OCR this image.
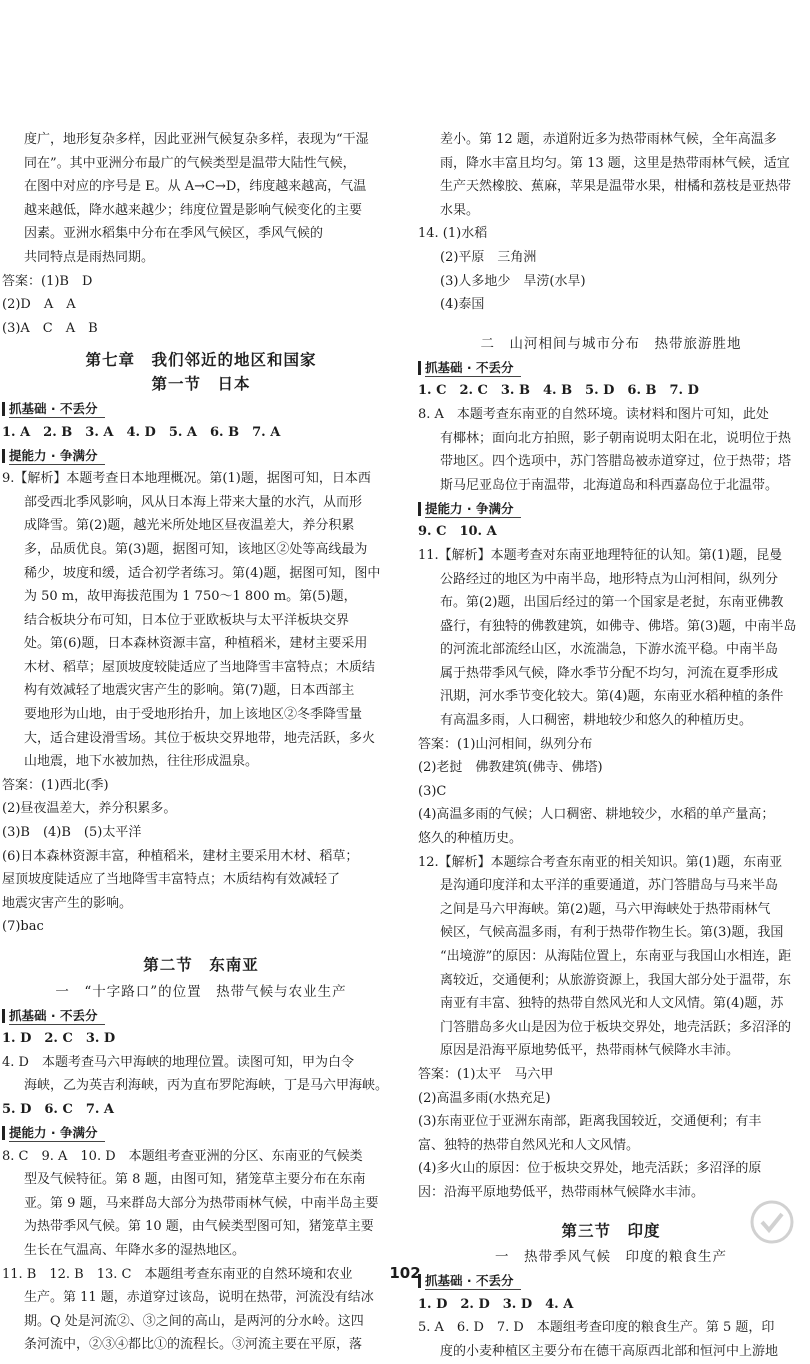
度广，地形复杂多样，因此亚洲气候复杂多样，表现为“干湿

同在”。其中亚洲分布最广的气候类型是温带大陆性气候，

在图中对应的序号是 E。从 A→C→D，纬度越来越高，气温

越来越低，降水越来越少；纬度位置是影响气候变化的主要

因素。亚洲水稻集中分布在季风气候区，季风气候的

共同特点是雨热同期。

答案：(1)B　D

(2)D　A　A

(3)A　C　A　B

第七章　我们邻近的地区和国家
第一节　日本
抓基础 · 不丢分

1. A　2. B　3. A　4. D　5. A　6. B　7. A

提能力 · 争满分

9.【解析】本题考查日本地理概况。第(1)题，据图可知，日本西

部受西北季风影响，风从日本海上带来大量的水汽，从而形

成降雪。第(2)题，越光米所处地区昼夜温差大，养分积累

多，品质优良。第(3)题，据图可知，该地区②处等高线最为

稀少，坡度和缓，适合初学者练习。第(4)题，据图可知，图中

为 50 m，故甲海拔范围为 1 750～1 800 m。第(5)题，

结合板块分布可知，日本位于亚欧板块与太平洋板块交界

处。第(6)题，日本森林资源丰富，种植稻米，建材主要采用

木材、稻草；屋顶坡度较陡适应了当地降雪丰富特点；木质结

构有效减轻了地震灾害产生的影响。第(7)题，日本西部主

要地形为山地，由于受地形抬升，加上该地区②冬季降雪量

大，适合建设滑雪场。其位于板块交界地带，地壳活跃，多火

山地震，地下水被加热，往往形成温泉。

答案：(1)西北(季)

(2)昼夜温差大，养分积累多。

(3)B　(4)B　(5)太平洋

(6)日本森林资源丰富，种植稻米，建材主要采用木材、稻草；

屋顶坡度陡适应了当地降雪丰富特点；木质结构有效减轻了

地震灾害产生的影响。

(7)bac

第二节　东南亚
一　“十字路口”的位置　热带气候与农业生产
抓基础 · 不丢分

1. D　2. C　3. D

4. D　本题考查马六甲海峡的地理位置。读图可知，甲为白令

海峡，乙为英吉利海峡，丙为直布罗陀海峡，丁是马六甲海峡。

5. D　6. C　7. A

提能力 · 争满分

8. C　9. A　10. D　本题组考查亚洲的分区、东南亚的气候类

型及气候特征。第 8 题，由图可知，猪笼草主要分布在东南

亚。第 9 题，马来群岛大部分为热带雨林气候，中南半岛主要

为热带季风气候。第 10 题，由气候类型图可知，猪笼草主要

生长在气温高、年降水多的湿热地区。

11. B　12. B　13. C　本题组考查东南亚的自然环境和农业

生产。第 11 题，赤道穿过该岛，说明在热带，河流没有结冰

期。Q 处是河流②、③之间的高山，是两河的分水岭。这四

条河流中，②③④都比①的流程长。③河流主要在平原，落

差小。第 12 题，赤道附近多为热带雨林气候，全年高温多

雨，降水丰富且均匀。第 13 题，这里是热带雨林气候，适宜

生产天然橡胶、蕉麻，苹果是温带水果，柑橘和荔枝是亚热带

水果。

14. (1)水稻

(2)平原　三角洲

(3)人多地少　旱涝(水旱)

(4)泰国

二　山河相间与城市分布　热带旅游胜地
抓基础 · 不丢分

1. C　2. C　3. B　4. B　5. D　6. B　7. D

8. A　本题考查东南亚的自然环境。读材料和图片可知，此处

有椰林；面向北方拍照，影子朝南说明太阳在北，说明位于热

带地区。四个选项中，苏门答腊岛被赤道穿过，位于热带；塔

斯马尼亚岛位于南温带，北海道岛和科西嘉岛位于北温带。

提能力 · 争满分

9. C　10. A

11.【解析】本题考查对东南亚地理特征的认知。第(1)题，昆曼

公路经过的地区为中南半岛，地形特点为山河相间，纵列分

布。第(2)题，出国后经过的第一个国家是老挝，东南亚佛教

盛行，有独特的佛教建筑，如佛寺、佛塔。第(3)题，中南半岛

的河流北部流经山区，水流湍急，下游水流平稳。中南半岛

属于热带季风气候，降水季节分配不均匀，河流在夏季形成

汛期，河水季节变化较大。第(4)题，东南亚水稻种植的条件

有高温多雨，人口稠密，耕地较少和悠久的种植历史。

答案：(1)山河相间，纵列分布

(2)老挝　佛教建筑(佛寺、佛塔)

(3)C

(4)高温多雨的气候；人口稠密、耕地较少，水稻的单产量高；

悠久的种植历史。

12.【解析】本题综合考查东南亚的相关知识。第(1)题，东南亚

是沟通印度洋和太平洋的重要通道，苏门答腊岛与马来半岛

之间是马六甲海峡。第(2)题，马六甲海峡处于热带雨林气

候区，气候高温多雨，有利于热带作物生长。第(3)题，我国

“出境游”的原因：从海陆位置上，东南亚与我国山水相连，距

离较近，交通便利；从旅游资源上，我国大部分处于温带，东

南亚有丰富、独特的热带自然风光和人文风情。第(4)题，苏

门答腊岛多火山是因为位于板块交界处，地壳活跃；多沼泽的

原因是沿海平原地势低平，热带雨林气候降水丰沛。

答案：(1)太平　马六甲

(2)高温多雨(水热充足)

(3)东南亚位于亚洲东南部，距离我国较近，交通便利；有丰

富、独特的热带自然风光和人文风情。

(4)多火山的原因：位于板块交界处，地壳活跃；多沼泽的原

因：沿海平原地势低平，热带雨林气候降水丰沛。

第三节　印度
一　热带季风气候　印度的粮食生产
抓基础 · 不丢分

1. D　2. D　3. D　4. A

5. A　6. D　7. D　本题组考查印度的粮食生产。第 5 题，印

度的小麦种植区主要分布在德干高原西北部和恒河中上游地

102
